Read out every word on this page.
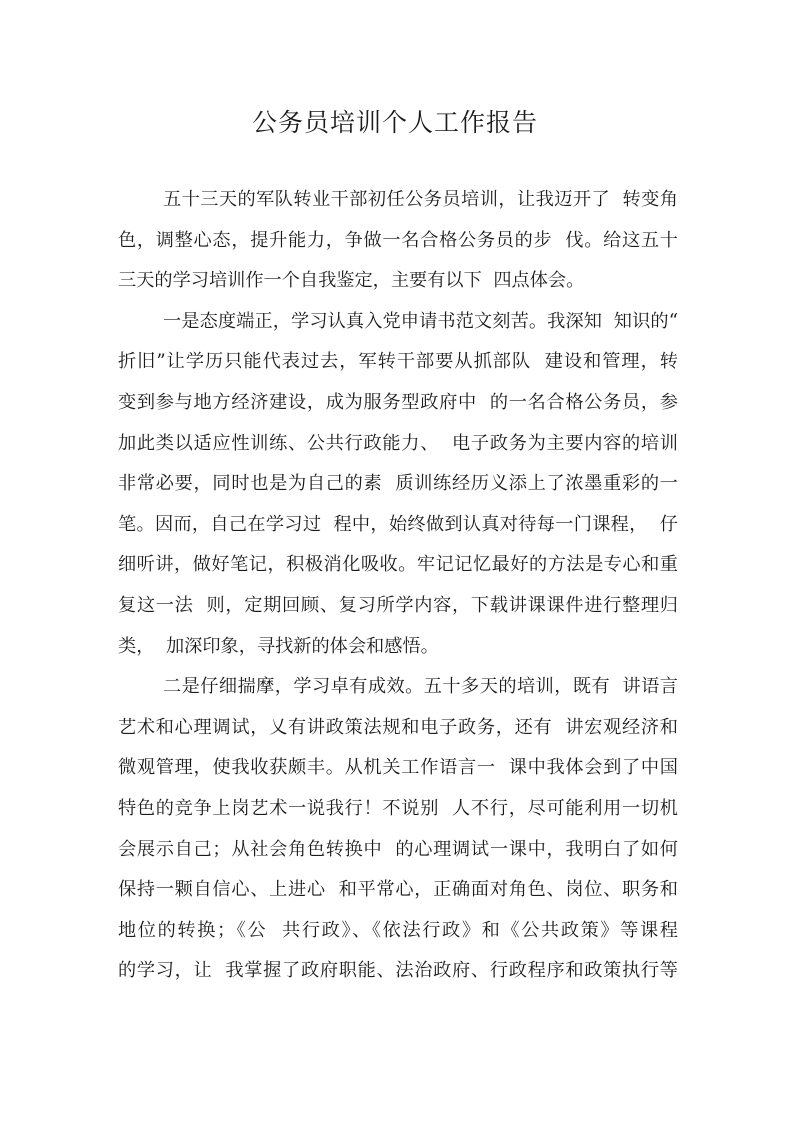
公务员培训个人工作报告
五十三天的军队转业干部初任公务员培训，让我迈开了  转变角
色，调整心态，提升能力，争做一名合格公务员的步  伐。给这五十
三天的学习培训作一个自我鉴定，主要有以下  四点体会。
一是态度端正，学习认真入党申请书范文刻苦。我深知  知识的“
折旧”让学历只能代表过去，军转干部要从抓部队  建设和管理，转
变到参与地方经济建设，成为服务型政府中  的一名合格公务员，参
加此类以适应性训练、公共行政能力、  电子政务为主要内容的培训
非常必要，同时也是为自己的素  质训练经历义添上了浓墨重彩的一
笔。因而，自己在学习过  程中，始终做到认真对待每一门课程，  仔
细听讲，做好笔记，积极消化吸收。牢记记忆最好的方法是专心和重
复这一法  则，定期回顾、复习所学内容，下载讲课课件进行整理归
类，  加深印象，寻找新的体会和感悟。
二是仔细揣摩，学习卓有成效。五十多天的培训，既有  讲语言
艺术和心理调试，乂有讲政策法规和电子政务，还有  讲宏观经济和
微观管理，使我收获颇丰。从机关工作语言一  课中我体会到了中国
特色的竞争上岗艺术一说我行！不说别  人不行，尽可能利用一切机
会展示自己；从社会角色转换中  的心理调试一课中，我明白了如何
保持一颗自信心、上进心  和平常心，正确面对角色、岗位、职务和
地位的转换；《公  共行政》、《依法行政》和《公共政策》等课程
的学习，让  我掌握了政府职能、法治政府、行政程序和政策执行等
